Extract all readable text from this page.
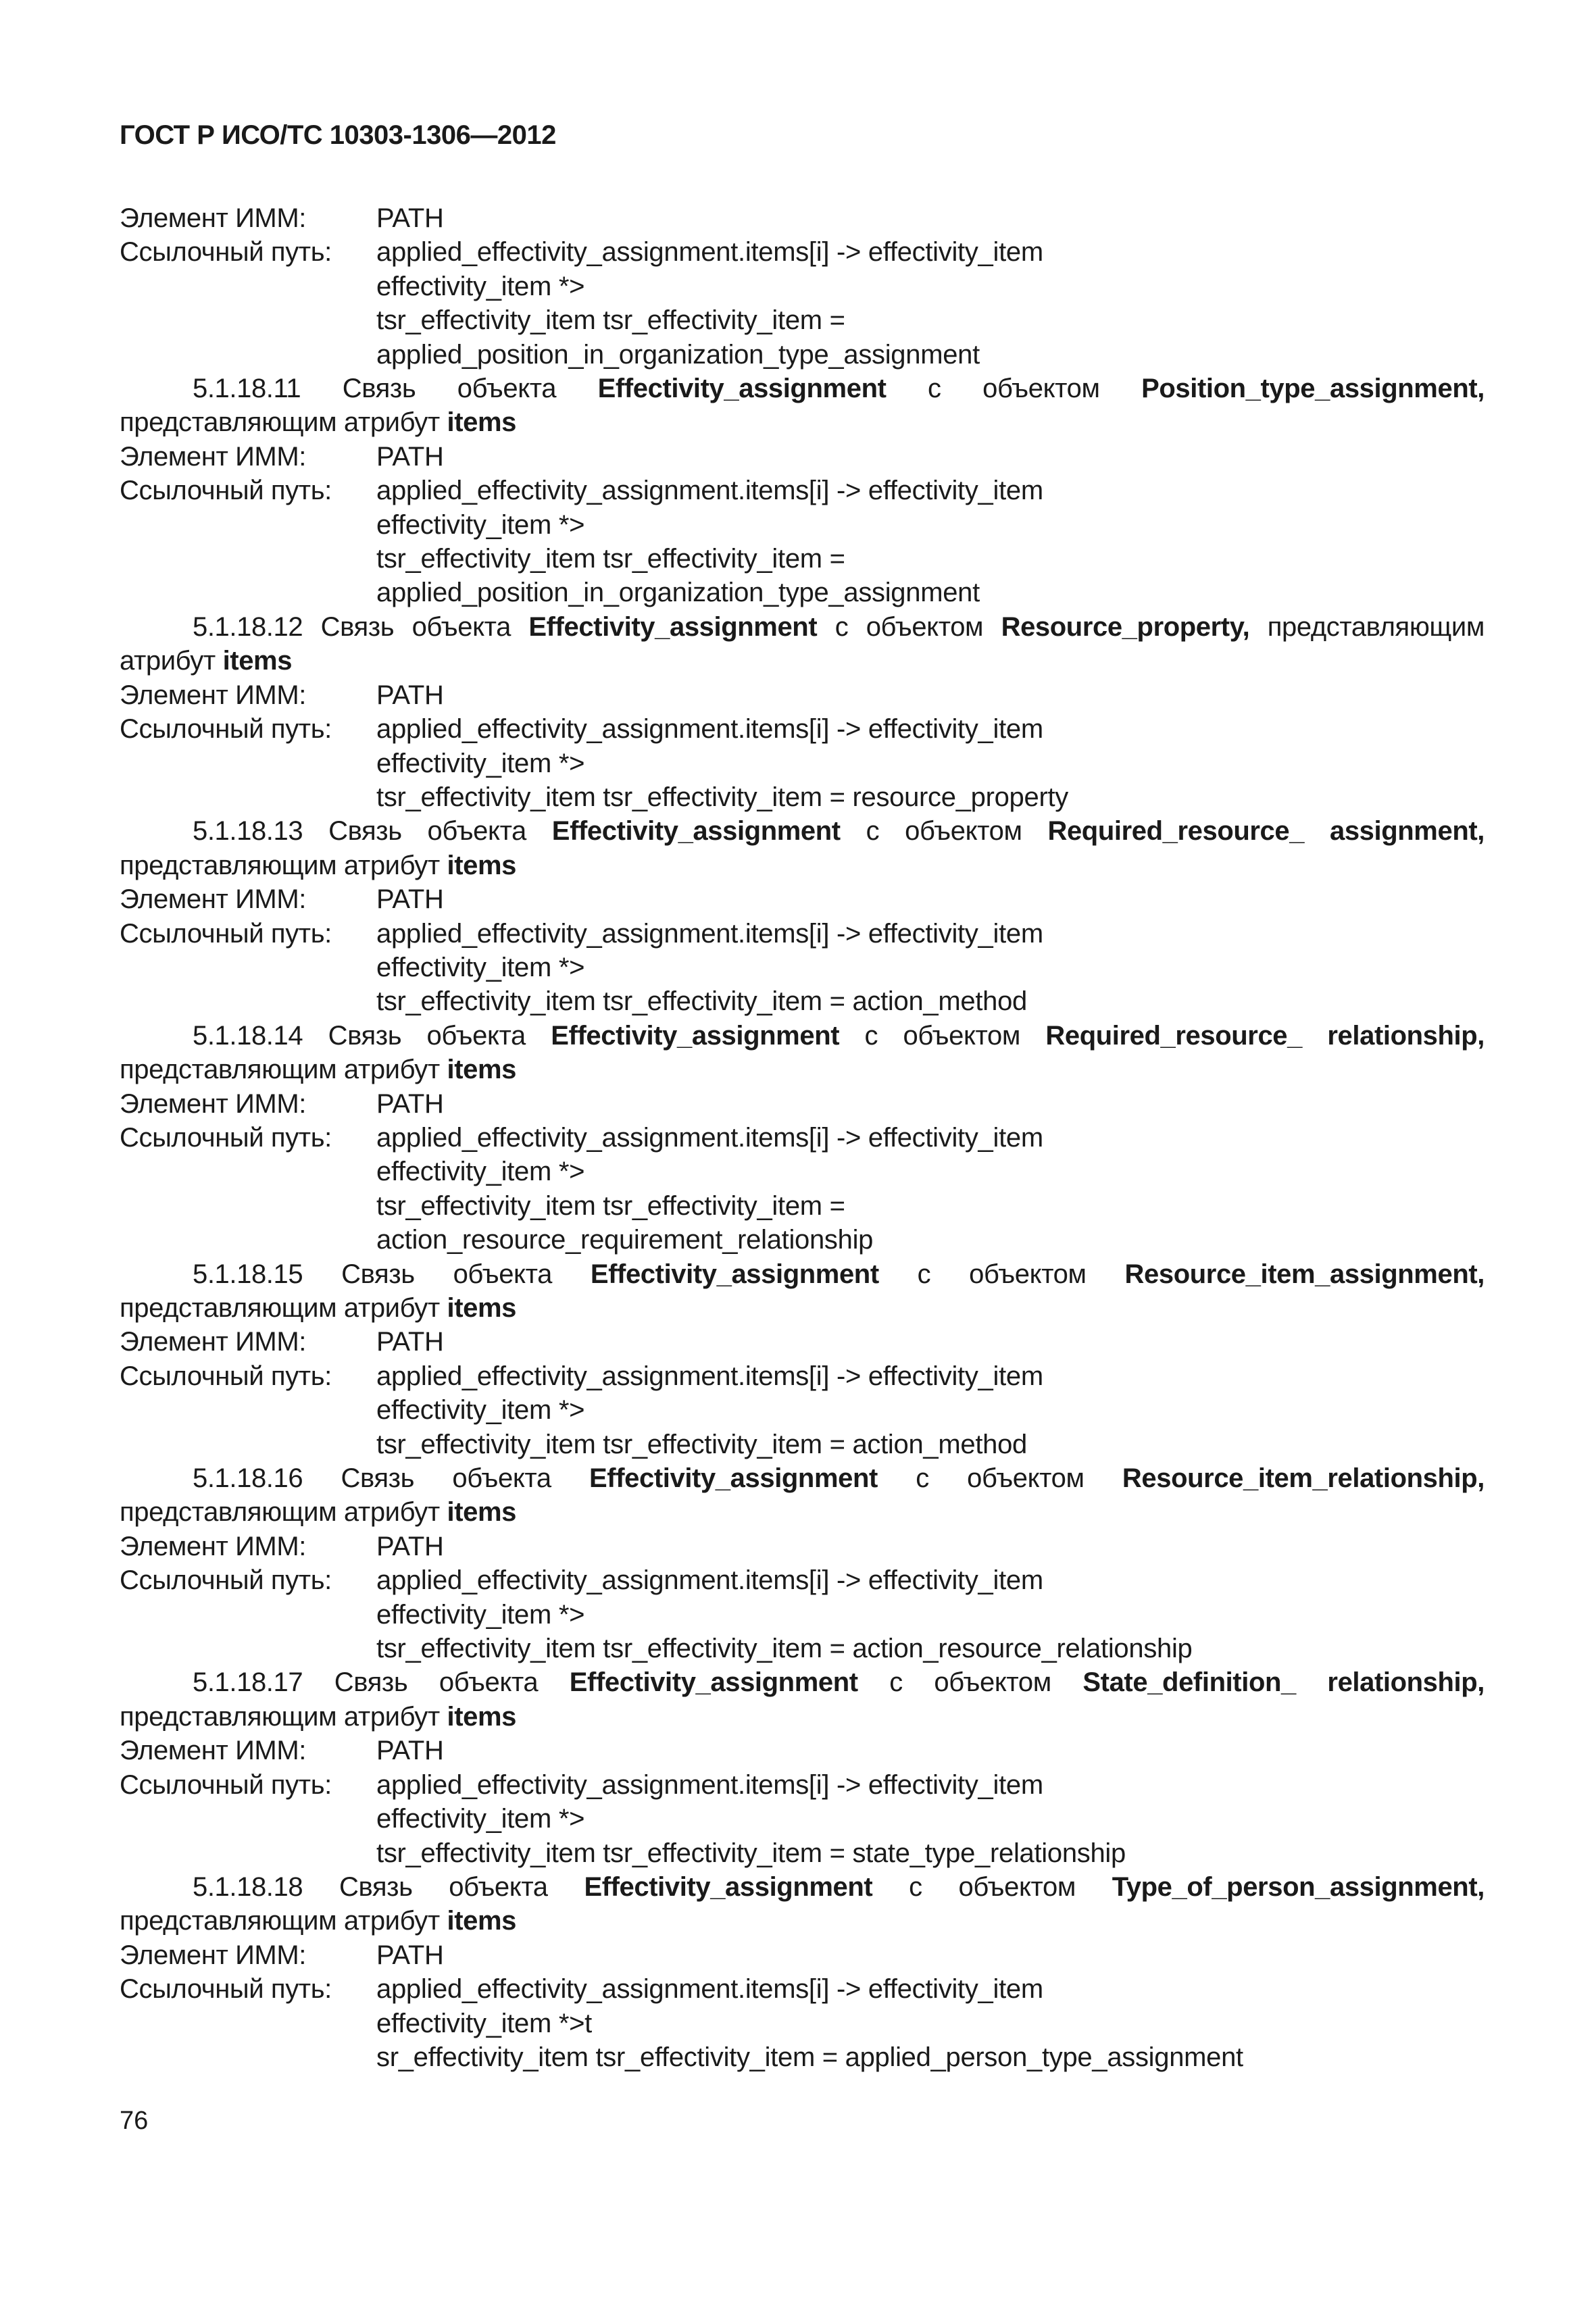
ГОСТ Р ИСО/ТС 10303-1306—2012
Элемент ИММ:	PATH
Ссылочный путь:	applied_effectivity_assignment.items[i] -> effectivity_item
effectivity_item *>
tsr_effectivity_item tsr_effectivity_item =
applied_position_in_organization_type_assignment
5.1.18.11 Связь объекта Effectivity_assignment с объектом Position_type_assignment, представляющим атрибут items
Элемент ИММ:	PATH
Ссылочный путь:	applied_effectivity_assignment.items[i] -> effectivity_item
effectivity_item *>
tsr_effectivity_item tsr_effectivity_item =
applied_position_in_organization_type_assignment
5.1.18.12 Связь объекта Effectivity_assignment с объектом Resource_property, представляющим атрибут items
Элемент ИММ:	PATH
Ссылочный путь:	applied_effectivity_assignment.items[i] -> effectivity_item
effectivity_item *>
tsr_effectivity_item tsr_effectivity_item = resource_property
5.1.18.13 Связь объекта Effectivity_assignment с объектом Required_resource_ assignment, представляющим атрибут items
Элемент ИММ:	PATH
Ссылочный путь:	applied_effectivity_assignment.items[i] -> effectivity_item
effectivity_item *>
tsr_effectivity_item tsr_effectivity_item = action_method
5.1.18.14 Связь объекта Effectivity_assignment с объектом Required_resource_ relationship, представляющим атрибут items
Элемент ИММ:	PATH
Ссылочный путь:	applied_effectivity_assignment.items[i] -> effectivity_item
effectivity_item *>
tsr_effectivity_item tsr_effectivity_item =
action_resource_requirement_relationship
5.1.18.15 Связь объекта Effectivity_assignment с объектом Resource_item_assignment, представляющим атрибут items
Элемент ИММ:	PATH
Ссылочный путь:	applied_effectivity_assignment.items[i] -> effectivity_item
effectivity_item *>
tsr_effectivity_item tsr_effectivity_item = action_method
5.1.18.16 Связь объекта Effectivity_assignment с объектом Resource_item_relationship, представляющим атрибут items
Элемент ИММ:	PATH
Ссылочный путь:	applied_effectivity_assignment.items[i] -> effectivity_item
effectivity_item *>
tsr_effectivity_item tsr_effectivity_item = action_resource_relationship
5.1.18.17 Связь объекта Effectivity_assignment с объектом State_definition_ relationship, представляющим атрибут items
Элемент ИММ:	PATH
Ссылочный путь:	applied_effectivity_assignment.items[i] -> effectivity_item
effectivity_item *>
tsr_effectivity_item tsr_effectivity_item = state_type_relationship
5.1.18.18 Связь объекта Effectivity_assignment с объектом Type_of_person_assignment, представляющим атрибут items
Элемент ИММ:	PATH
Ссылочный путь:	applied_effectivity_assignment.items[i] -> effectivity_item
effectivity_item *>t
sr_effectivity_item tsr_effectivity_item = applied_person_type_assignment
76
